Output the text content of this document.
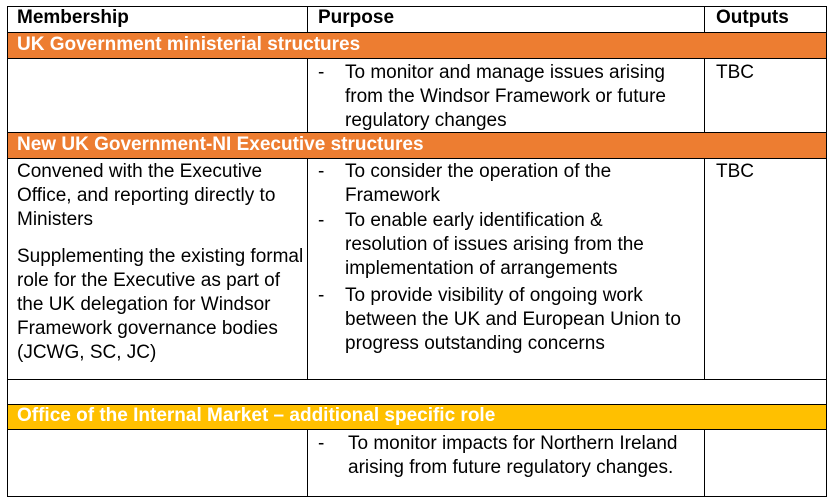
Membership	Purpose	Outputs
UK Government ministerial structures
- To monitor and manage issues arising from the Windsor Framework or future regulatory changes
TBC
New UK Government-NI Executive structures
Convened with the Executive Office, and reporting directly to Ministers
Supplementing the existing formal role for the Executive as part of the UK delegation for Windsor Framework governance bodies (JCWG, SC, JC)
- To consider the operation of the Framework
- To enable early identification & resolution of issues arising from the implementation of arrangements
- To provide visibility of ongoing work between the UK and European Union to progress outstanding concerns
TBC
Office of the Internal Market – additional specific role
- To monitor impacts for Northern Ireland arising from future regulatory changes.
